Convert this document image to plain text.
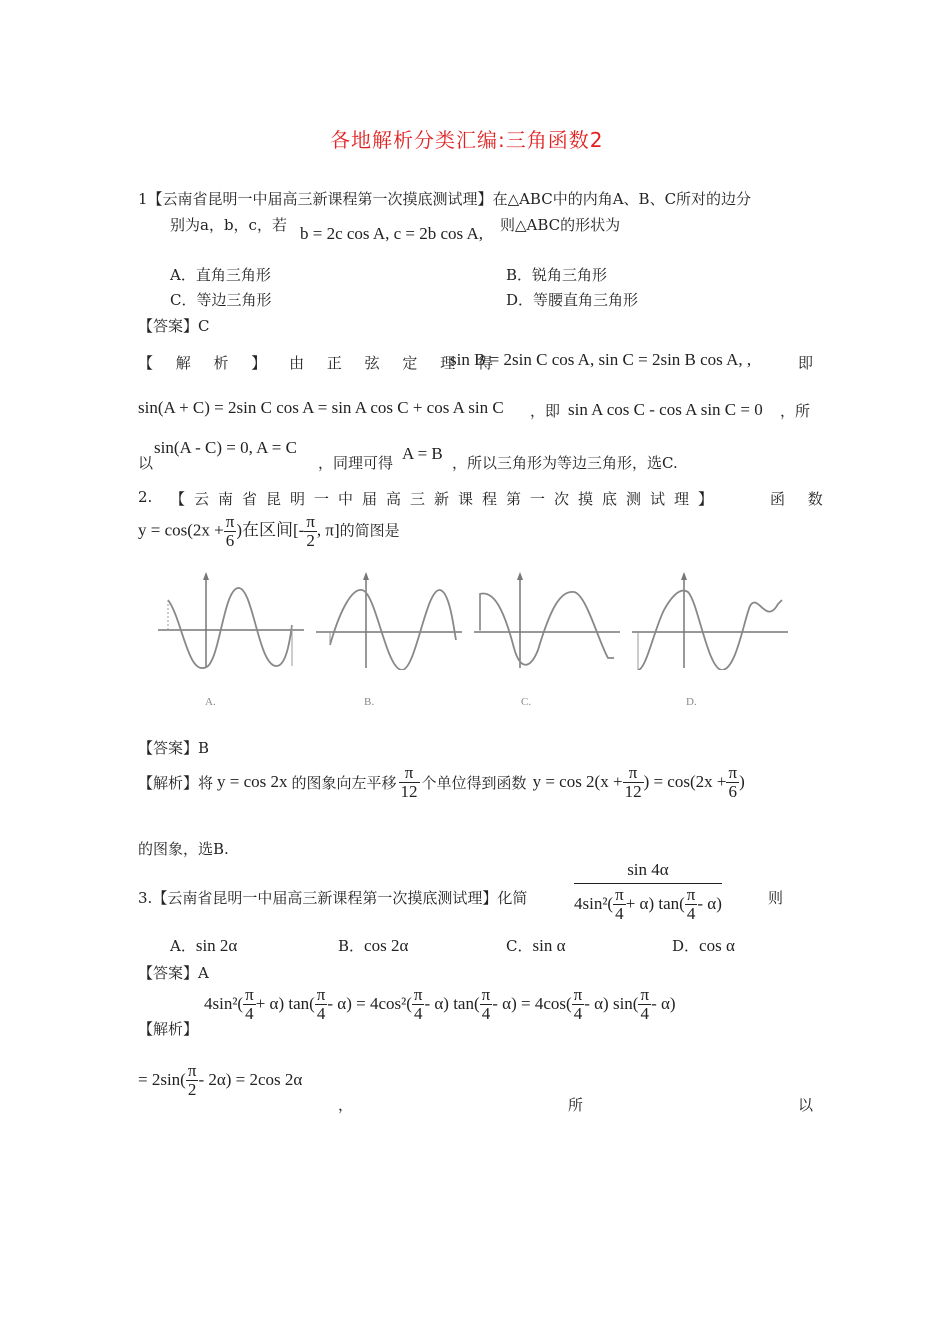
各地解析分类汇编:三角函数2
1【云南省昆明一中届高三新课程第一次摸底测试理】在△ABC中的内角A、B、C所对的边分
别为a，b，c，若 b = 2c cos A, c = 2b cos A, 则△ABC的形状为
A．直角三角形	B．锐角三角形
C．等边三角形	D．等腰直角三角形
【答案】C
【 解 析 】 由 正 弦 定 理 得
sin B = 2sin C cos A, sin C = 2sin B cos A, ,	即
sin(A + C) = 2sin C cos A = sin A cos C + cos A sin C ，即 sin A cos C - cos A sin C = 0 ，所
以
sin(A - C) = 0, A = C
，同理可得 A = B ，所以三角形为等边三角形，选C.
2. 【云南省昆明一中届高三新课程第一次摸底测试理】	函 数
$y = \cos(2x + \frac{\pi}{6}$ )在区间[- $\frac{\pi}{2}$ , π]的简图是
A.	B.	C.	D.
【答案】B
【解析】 将 y = cos 2x 的图象向左平移 $\frac{\pi}{12}$ 个单位得到函数 $y = \cos 2(x + \frac{\pi}{12}$ ) = $\cos(2x + \frac{\pi}{6}$ )
的图象，选B.
3.【云南省昆明一中届高三新课程第一次摸底测试理】化简	$\frac{\sin 4\alpha}{4\sin^2( \frac{\pi}{4} + \alpha) \tan( \frac{\pi}{4} - \alpha)}$	则
A．sin 2α	B．cos 2α	C．sin α	D．cos α
【答案】A
$4\sin^2( \frac{\pi}{4} + \alpha)$ $\tan( \frac{\pi}{4} - \alpha) = 4\cos^2( \frac{\pi}{4} - \alpha)$ $\tan( \frac{\pi}{4} - \alpha) = 4\cos( \frac{\pi}{4} - \alpha)$ $\sin( \frac{\pi}{4} - \alpha)$
【解析】
= $2\sin( \frac{\pi}{2} - 2\alpha) = 2\cos$ 2α
，	所	以
